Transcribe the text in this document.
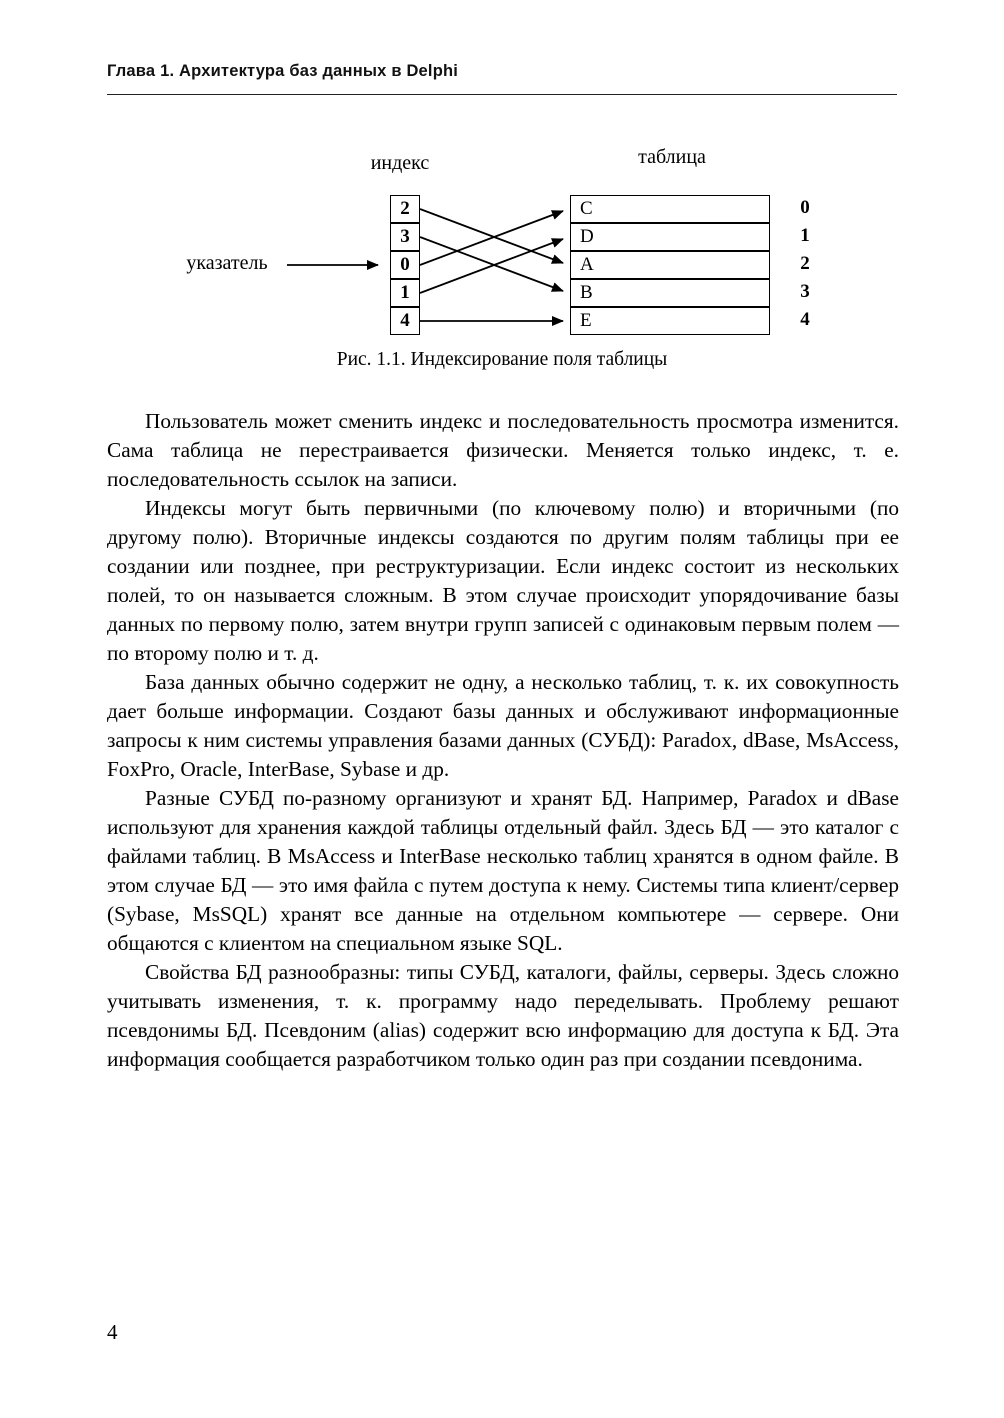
Глава 1. Архитектура баз данных в Delphi
индекс	таблица
указатель
2
3
0
1
4
C
D
A
B
E
0
1
2
3
4
Рис. 1.1. Индексирование поля таблицы

Пользователь может сменить индекс и последовательность просмотра изменится. Сама таблица не перестраивается физически. Меняется только индекс, т. е. последовательность ссылок на записи.

Индексы могут быть первичными (по ключевому полю) и вторичными (по другому полю). Вторичные индексы создаются по другим полям таблицы при ее создании или позднее, при реструктуризации. Если индекс состоит из нескольких полей, то он называется сложным. В этом случае происходит упорядочивание базы данных по первому полю, затем внутри групп записей с одинаковым первым полем — по второму полю и т. д.

База данных обычно содержит не одну, а несколько таблиц, т. к. их совокупность дает больше информации. Создают базы данных и обслуживают информационные запросы к ним системы управления базами данных (СУБД): Paradox, dBase, MsAccess, FoxPro, Oracle, InterBase, Sybase и др.

Разные СУБД по-разному организуют и хранят БД. Например, Paradox и dBase используют для хранения каждой таблицы отдельный файл. Здесь БД — это каталог с файлами таблиц. В MsAccess и InterBase несколько таблиц хранятся в одном файле. В этом случае БД — это имя файла с путем доступа к нему. Системы типа клиент/сервер (Sybase, MsSQL) хранят все данные на отдельном компьютере — сервере. Они общаются с клиентом на специальном языке SQL.

Свойства БД разнообразны: типы СУБД, каталоги, файлы, серверы. Здесь сложно учитывать изменения, т. к. программу надо переделывать. Проблему решают псевдонимы БД. Псевдоним (alias) содержит всю информацию для доступа к БД. Эта информация сообщается разработчиком только один раз при создании псевдонима.

4
